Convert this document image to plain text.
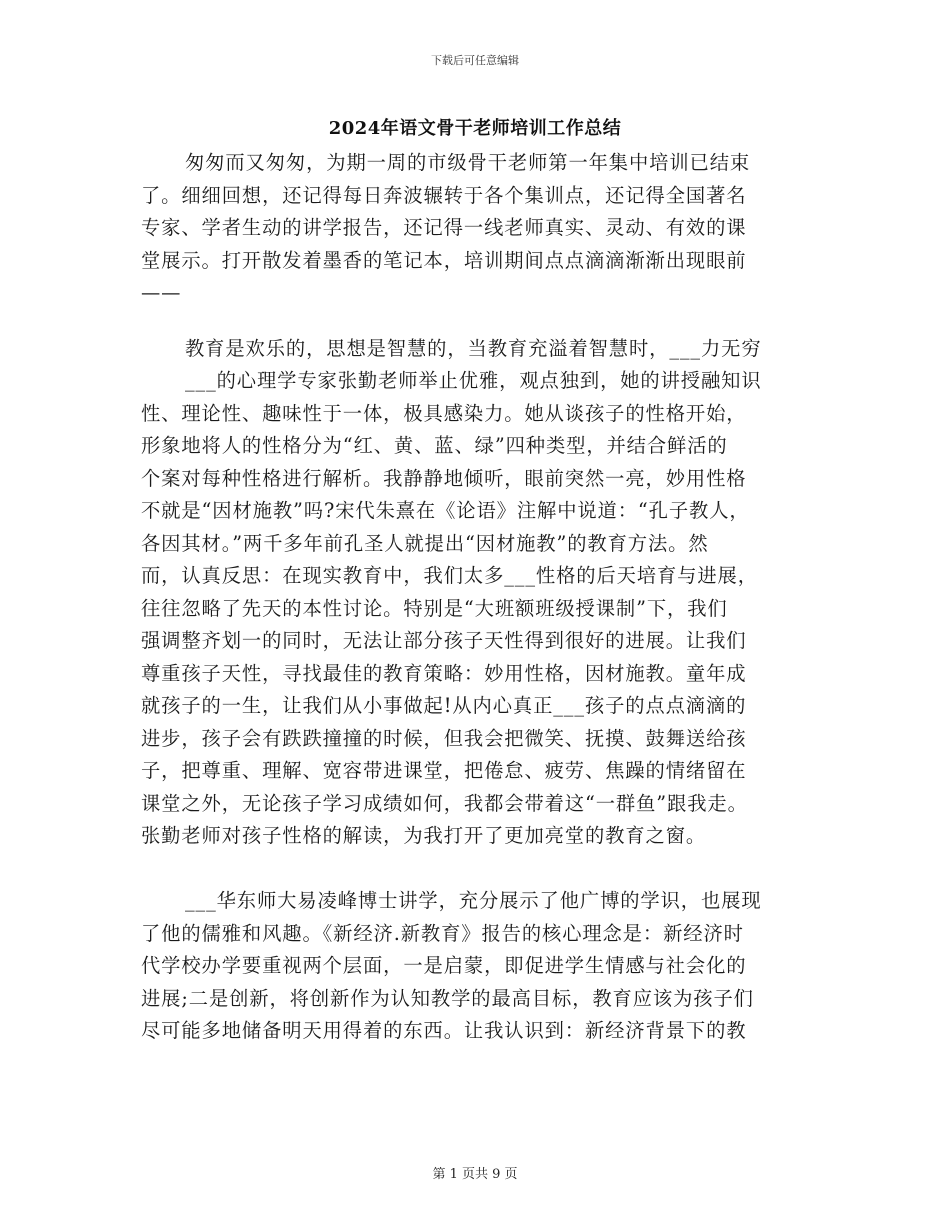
下载后可任意编辑
2024年语文骨干老师培训工作总结
匆匆而又匆匆，为期一周的市级骨干老师第一年集中培训已结束
了。细细回想，还记得每日奔波辗转于各个集训点，还记得全国著名
专家、学者生动的讲学报告，还记得一线老师真实、灵动、有效的课
堂展示。打开散发着墨香的笔记本，培训期间点点滴滴渐渐出现眼前
——
教育是欢乐的，思想是智慧的，当教育充溢着智慧时，___力无穷
___的心理学专家张勤老师举止优雅，观点独到，她的讲授融知识
性、理论性、趣味性于一体，极具感染力。她从谈孩子的性格开始，
形象地将人的性格分为“红、黄、蓝、绿”四种类型，并结合鲜活的
个案对每种性格进行解析。我静静地倾听，眼前突然一亮，妙用性格
不就是“因材施教”吗?宋代朱熹在《论语》注解中说道：“孔子教人，
各因其材。”两千多年前孔圣人就提出“因材施教”的教育方法。然
而，认真反思：在现实教育中，我们太多___性格的后天培育与进展，
往往忽略了先天的本性讨论。特别是“大班额班级授课制”下，我们
强调整齐划一的同时，无法让部分孩子天性得到很好的进展。让我们
尊重孩子天性，寻找最佳的教育策略：妙用性格，因材施教。童年成
就孩子的一生，让我们从小事做起!从内心真正___孩子的点点滴滴的
进步，孩子会有跌跌撞撞的时候，但我会把微笑、抚摸、鼓舞送给孩
子，把尊重、理解、宽容带进课堂，把倦怠、疲劳、焦躁的情绪留在
课堂之外，无论孩子学习成绩如何，我都会带着这“一群鱼”跟我走。
张勤老师对孩子性格的解读，为我打开了更加亮堂的教育之窗。
___华东师大易凌峰博士讲学，充分展示了他广博的学识，也展现
了他的儒雅和风趣。《新经济.新教育》报告的核心理念是：新经济时
代学校办学要重视两个层面，一是启蒙，即促进学生情感与社会化的
进展;二是创新，将创新作为认知教学的最高目标，教育应该为孩子们
尽可能多地储备明天用得着的东西。让我认识到：新经济背景下的教
第 1 页共 9 页
